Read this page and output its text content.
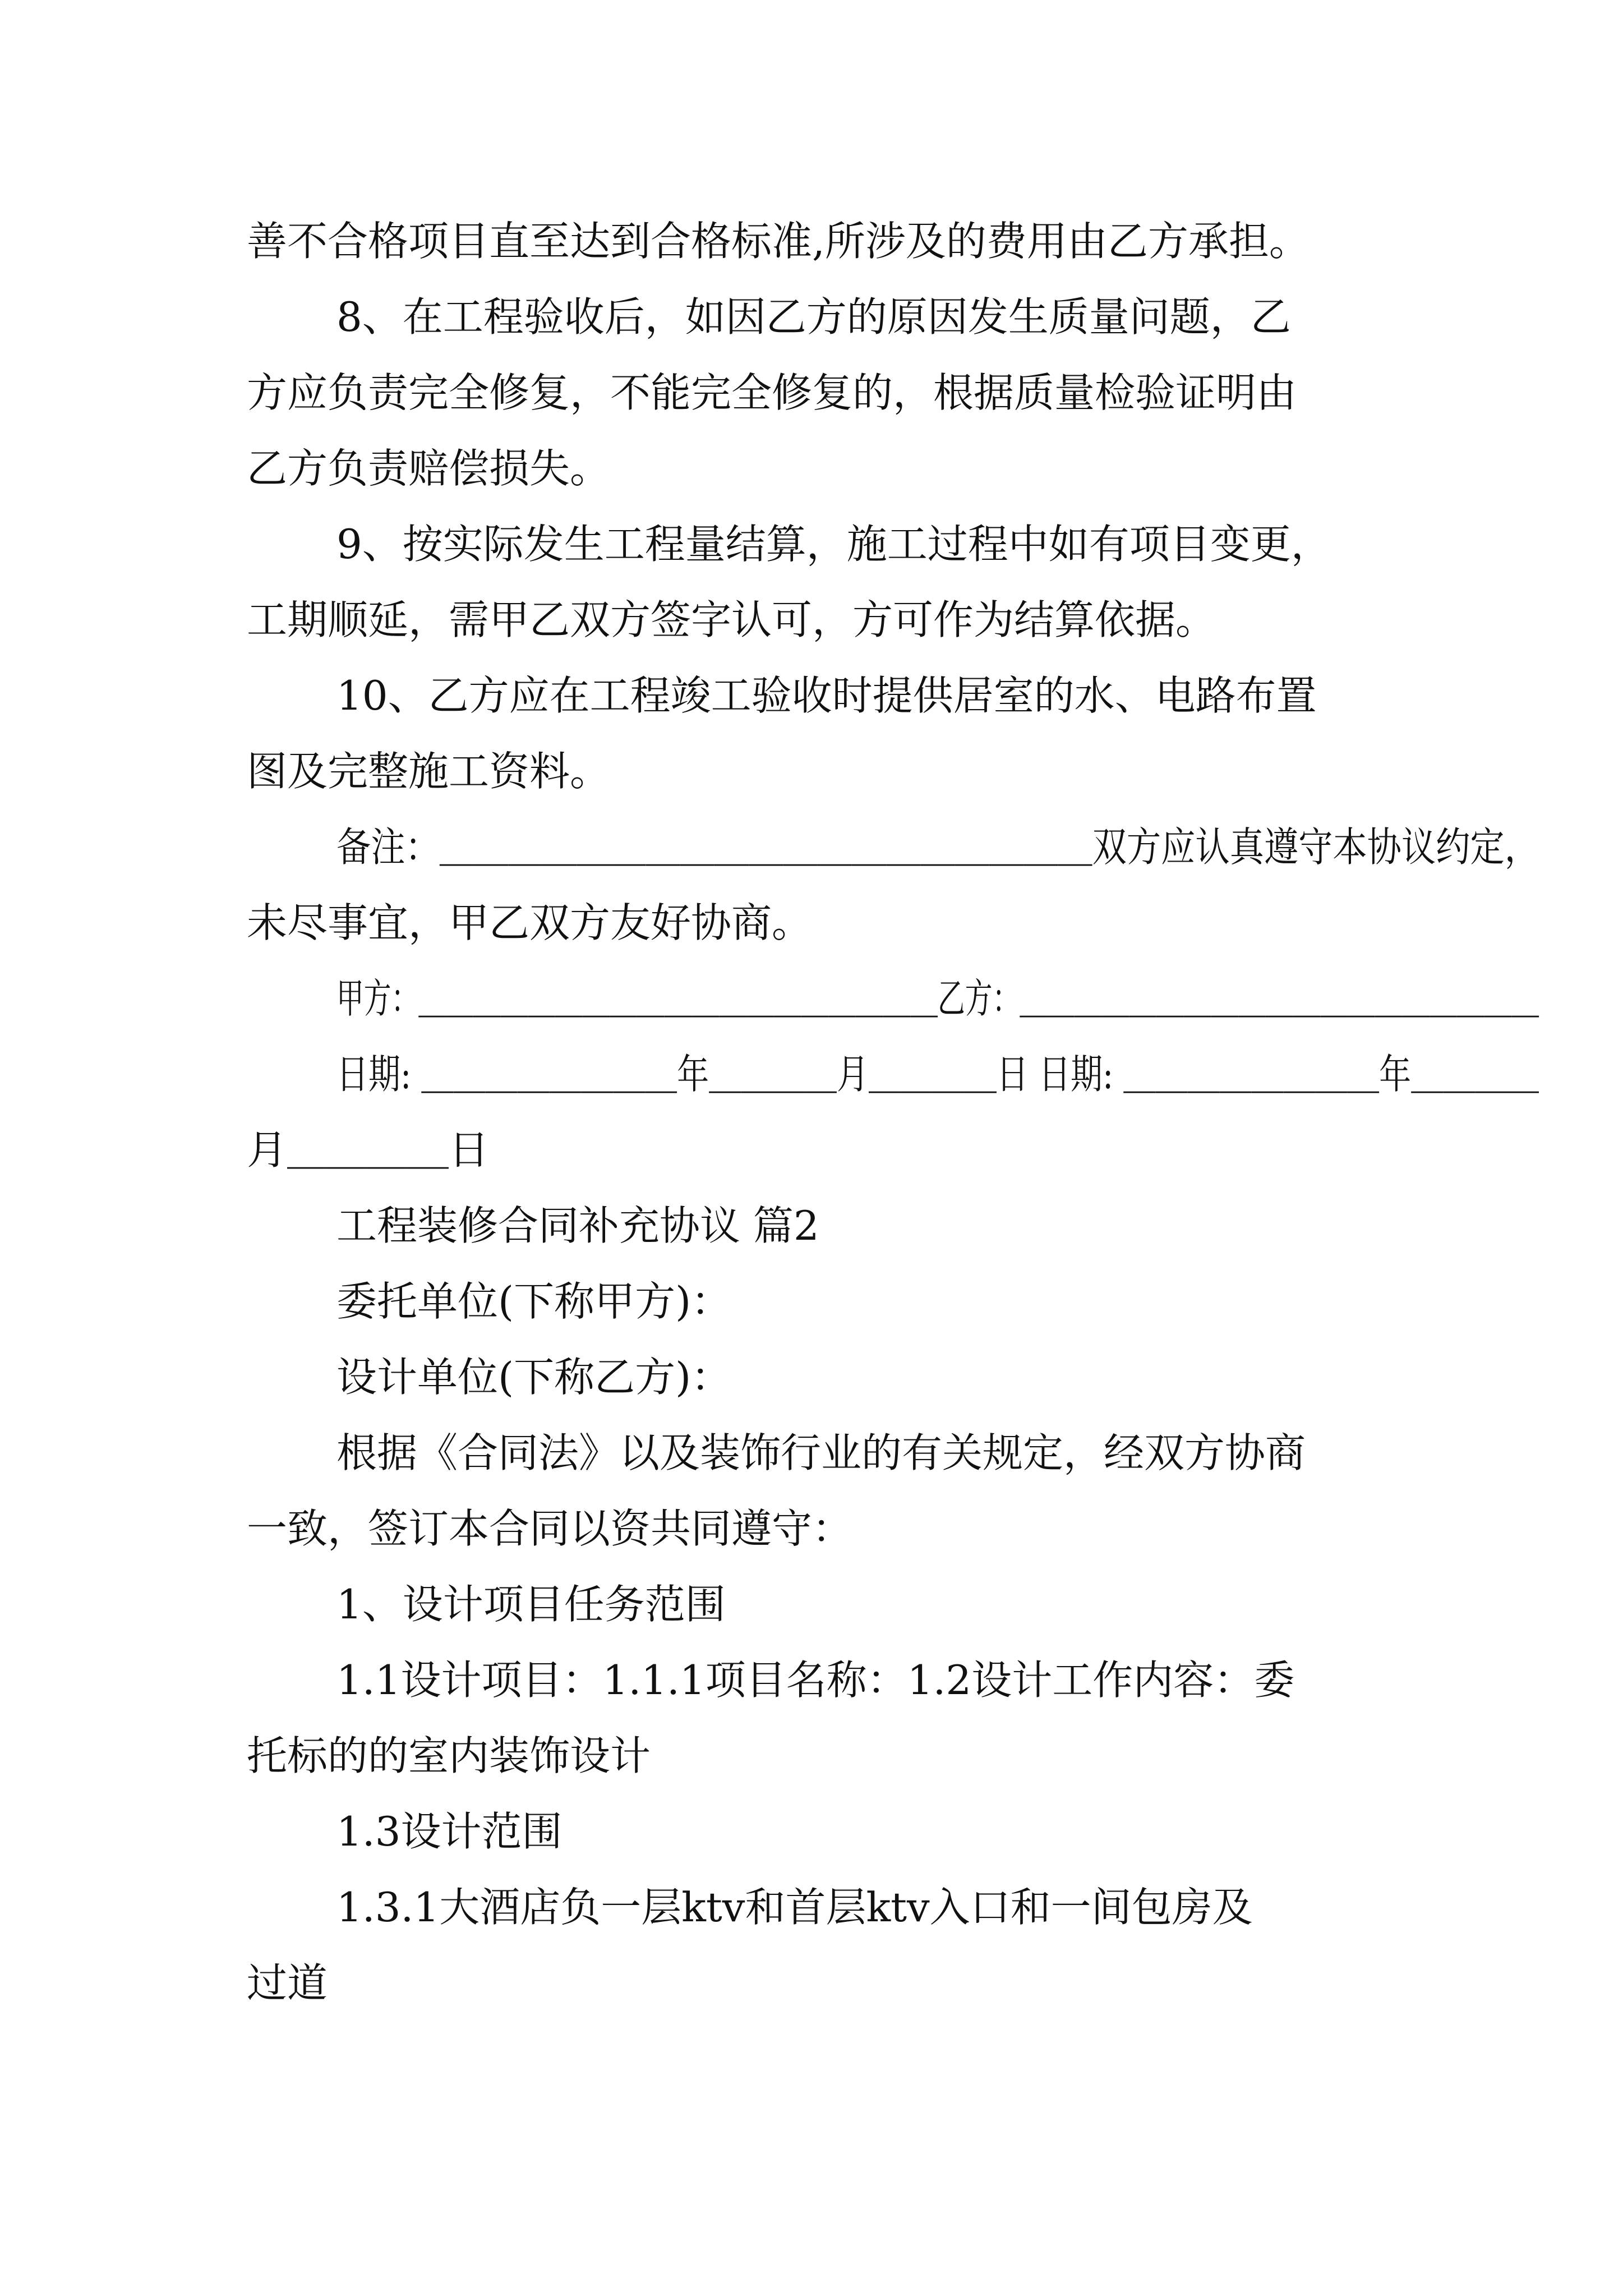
善不合格项目直至达到合格标准,所涉及的费用由乙方承担。
8、在工程验收后，如因乙方的原因发生质量问题，乙
方应负责完全修复，不能完全修复的，根据质量检验证明由
乙方负责赔偿损失。
9、按实际发生工程量结算，施工过程中如有项目变更，
工期顺延，需甲乙双方签字认可，方可作为结算依据。
10、乙方应在工程竣工验收时提供居室的水、电路布置
图及完整施工资料。
备注：＿＿＿＿＿＿＿＿＿＿＿＿＿＿＿＿＿＿＿双方应认真遵守本协议约定，
未尽事宜，甲乙双方友好协商。
甲方：＿＿＿＿＿＿＿＿＿＿＿＿＿＿＿＿＿＿＿乙方：＿＿＿＿＿＿＿＿＿＿＿＿＿＿＿＿＿＿＿
日期: ＿＿＿＿＿＿＿＿年＿＿＿＿月＿＿＿＿日 日期: ＿＿＿＿＿＿＿＿年＿＿＿＿
月＿＿＿＿日
工程装修合同补充协议 篇2
委托单位(下称甲方)：
设计单位(下称乙方)：
根据《合同法》以及装饰行业的有关规定，经双方协商
一致，签订本合同以资共同遵守：
1、设计项目任务范围
1.1设计项目：1.1.1项目名称：1.2设计工作内容：委
托标的的室内装饰设计
1.3设计范围
1.3.1大酒店负一层ktv和首层ktv入口和一间包房及
过道
